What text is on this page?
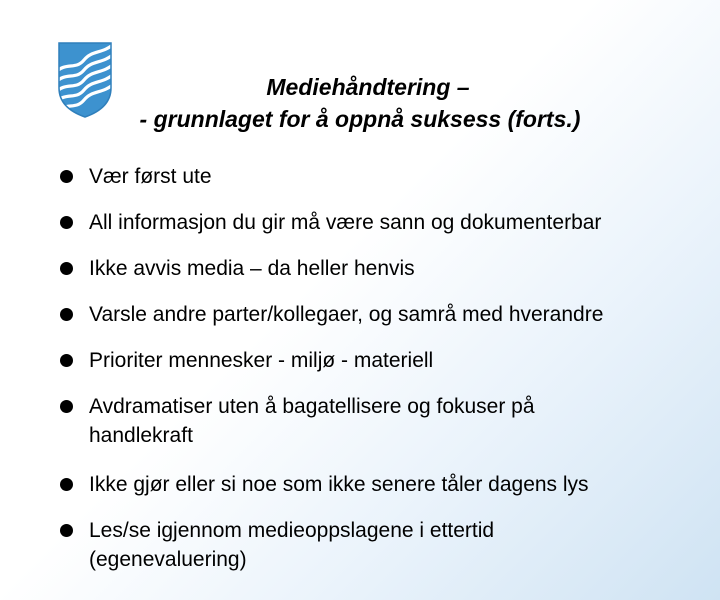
Mediehåndtering –
- grunnlaget for å oppnå suksess (forts.)
Vær først ute
All informasjon du gir må være sann og dokumenterbar
Ikke avvis media – da heller henvis
Varsle andre parter/kollegaer, og samrå med hverandre
Prioriter mennesker - miljø - materiell
Avdramatiser uten å bagatellisere og fokuser på
handlekraft
Ikke gjør eller si noe som ikke senere tåler dagens lys
Les/se igjennom medieoppslagene i ettertid
(egenevaluering)
